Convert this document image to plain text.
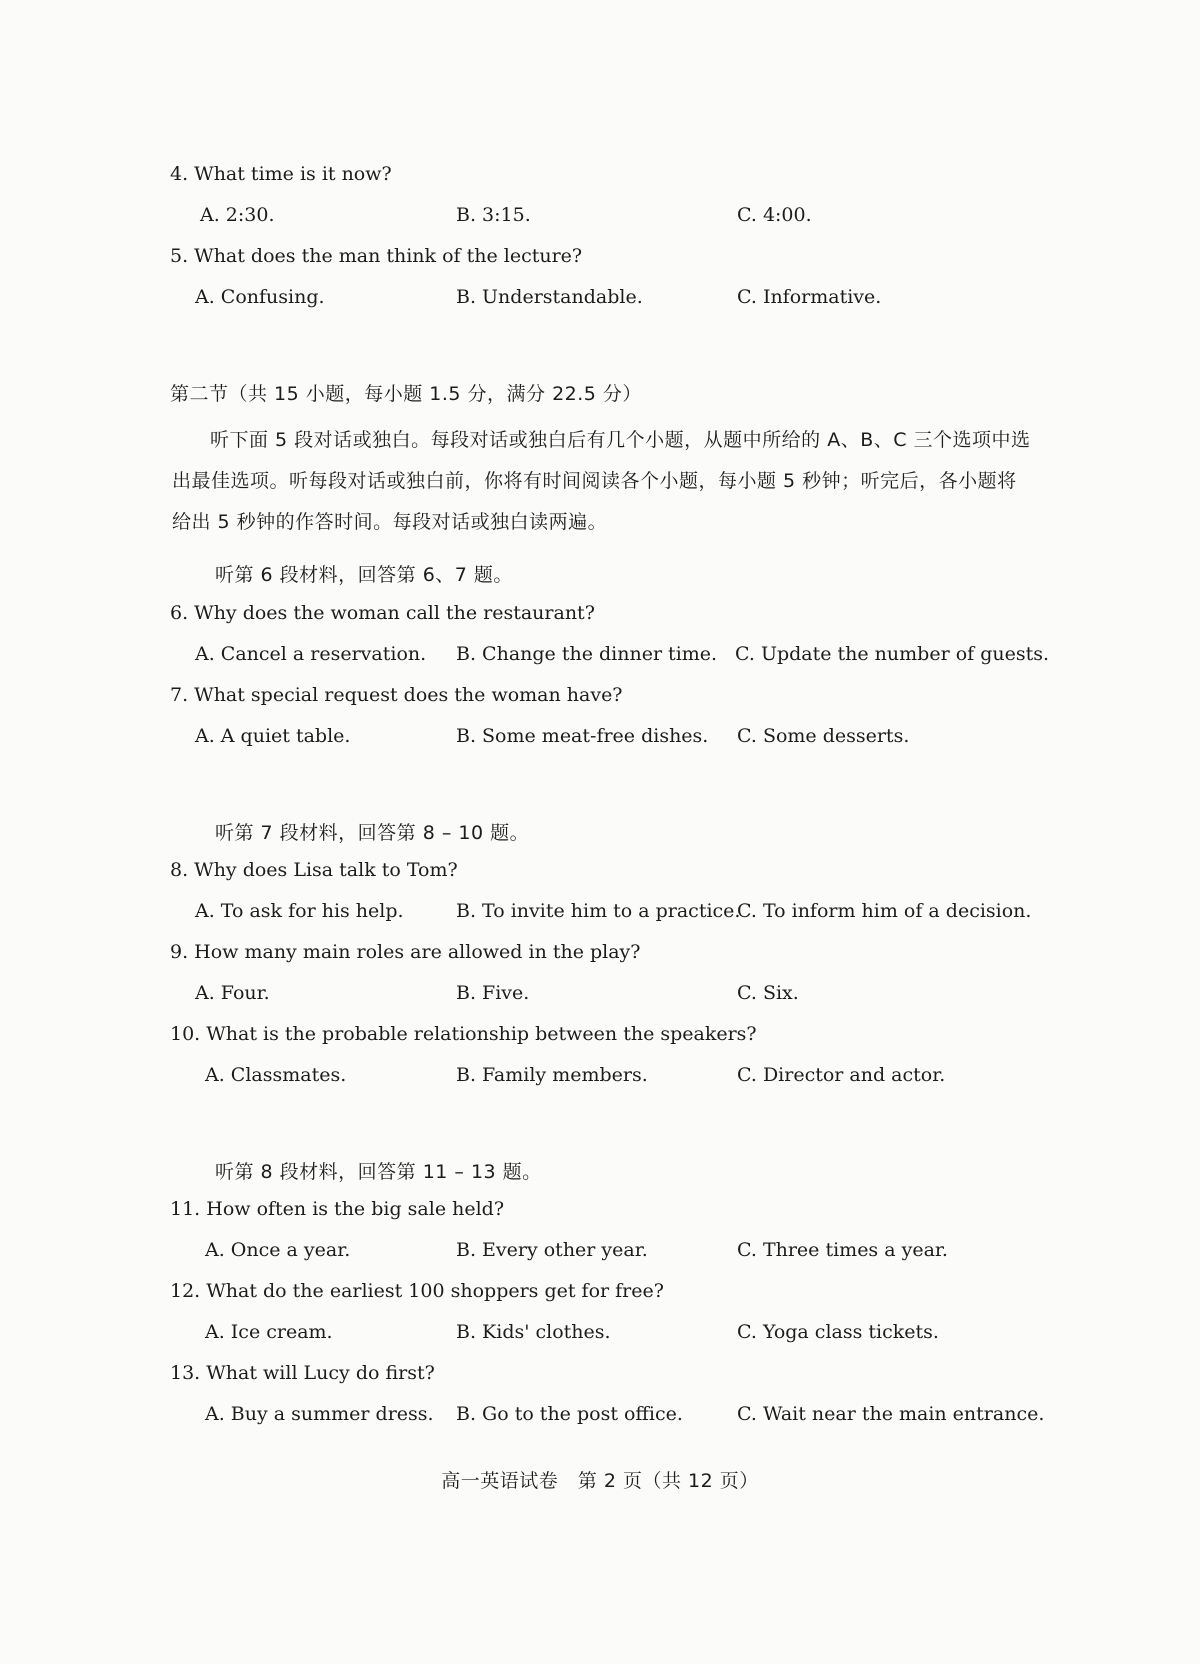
4. What time is it now?
A. 2:30.	B. 3:15.	C. 4:00.
5. What does the man think of the lecture?
A. Confusing.	B. Understandable.	C. Informative.
第二节（共 15 小题，每小题 1.5 分，满分 22.5 分）
听下面 5 段对话或独白。每段对话或独白后有几个小题，从题中所给的 A、B、C 三个选项中选出最佳选项。听每段对话或独白前，你将有时间阅读各个小题，每小题 5 秒钟；听完后，各小题将给出 5 秒钟的作答时间。每段对话或独白读两遍。
听第 6 段材料，回答第 6、7 题。
6. Why does the woman call the restaurant?
A. Cancel a reservation. B. Change the dinner time. C. Update the number of guests.
7. What special request does the woman have?
A. A quiet table.	B. Some meat-free dishes. C. Some desserts.
听第 7 段材料，回答第 8 – 10 题。
8. Why does Lisa talk to Tom?
A. To ask for his help.	B. To invite him to a practice.
C. To inform him of a decision.
9. How many main roles are allowed in the play?
A. Four.	B. Five.	C. Six.
10. What is the probable relationship between the speakers?
A. Classmates.	B. Family members.	C. Director and actor.
听第 8 段材料，回答第 11 – 13 题。
11. How often is the big sale held?
A. Once a year.	B. Every other year.	C. Three times a year.
12. What do the earliest 100 shoppers get for free?
A. Ice cream.	B. Kids' clothes.	C. Yoga class tickets.
13. What will Lucy do first?
A. Buy a summer dress. B. Go to the post office.	C. Wait near the main entrance.
高一英语试卷　第 2 页（共 12 页）
